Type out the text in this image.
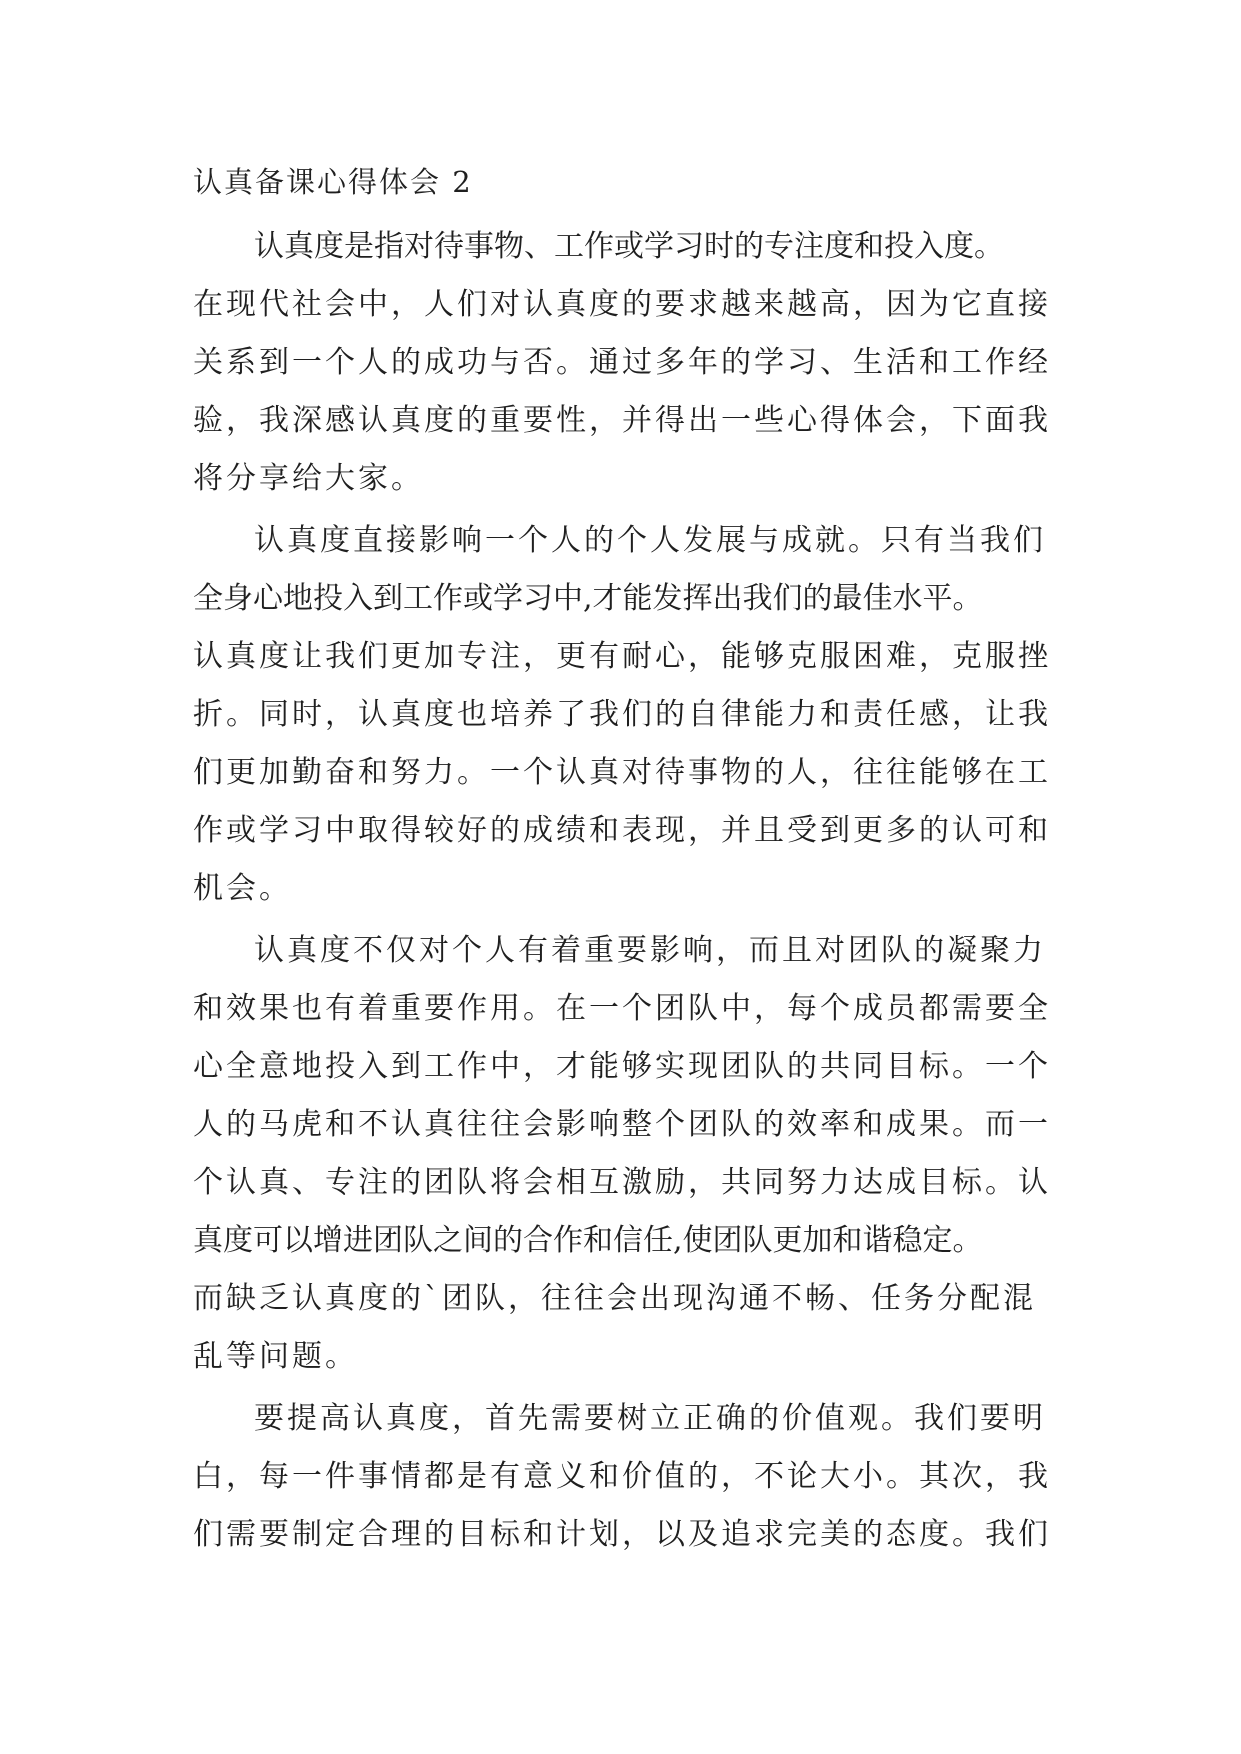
认真备课心得体会 2
认真度是指对待事物、工作或学习时的专注度和投入度。
在现代社会中，人们对认真度的要求越来越高，因为它直接
关系到一个人的成功与否。通过多年的学习、生活和工作经
验，我深感认真度的重要性，并得出一些心得体会，下面我
将分享给大家。
认真度直接影响一个人的个人发展与成就。只有当我们
全身心地投入到工作或学习中,才能发挥出我们的最佳水平。
认真度让我们更加专注，更有耐心，能够克服困难，克服挫
折。同时，认真度也培养了我们的自律能力和责任感，让我
们更加勤奋和努力。一个认真对待事物的人，往往能够在工
作或学习中取得较好的成绩和表现，并且受到更多的认可和
机会。
认真度不仅对个人有着重要影响，而且对团队的凝聚力
和效果也有着重要作用。在一个团队中，每个成员都需要全
心全意地投入到工作中，才能够实现团队的共同目标。一个
人的马虎和不认真往往会影响整个团队的效率和成果。而一
个认真、专注的团队将会相互激励，共同努力达成目标。认
真度可以增进团队之间的合作和信任,使团队更加和谐稳定。
而缺乏认真度的`团队，往往会出现沟通不畅、任务分配混
乱等问题。
要提高认真度，首先需要树立正确的价值观。我们要明
白，每一件事情都是有意义和价值的，不论大小。其次，我
们需要制定合理的目标和计划，以及追求完美的态度。我们
